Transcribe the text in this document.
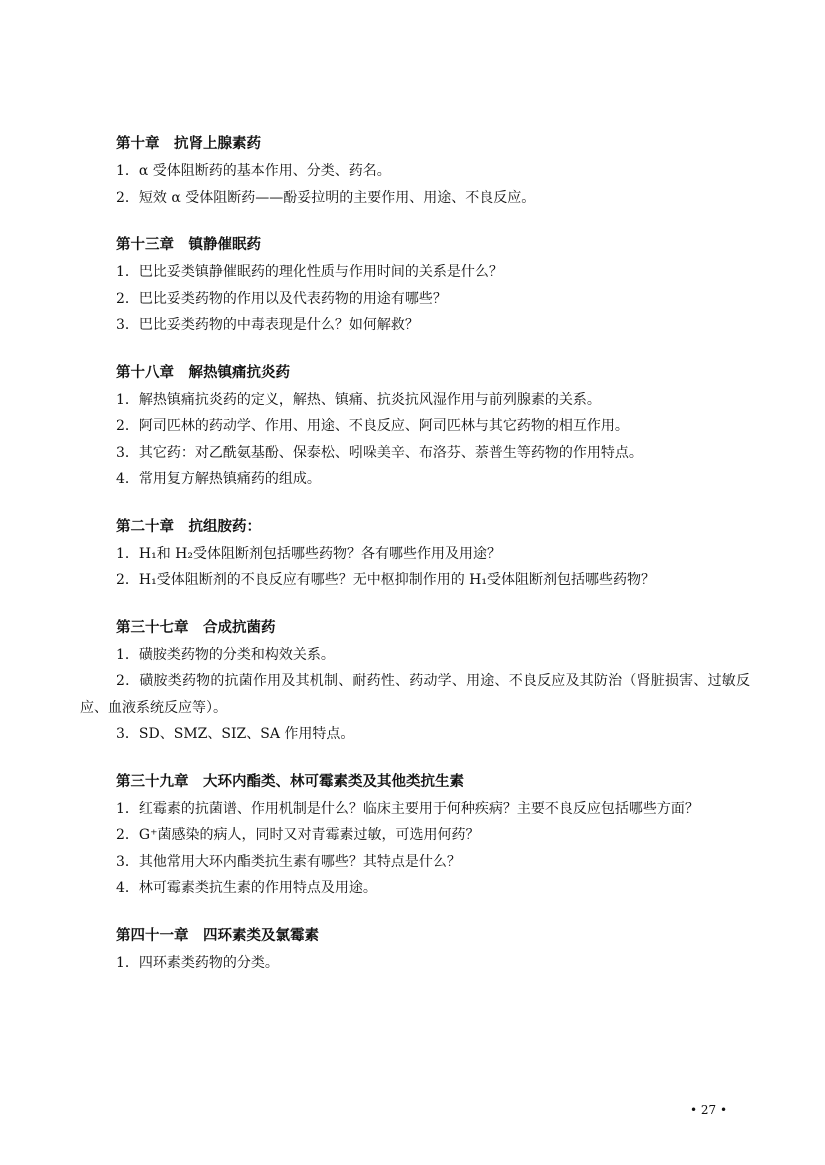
第十章　抗肾上腺素药
1．α 受体阻断药的基本作用、分类、药名。
2．短效 α 受体阻断药——酚妥拉明的主要作用、用途、不良反应。
第十三章　镇静催眠药
1．巴比妥类镇静催眠药的理化性质与作用时间的关系是什么？
2．巴比妥类药物的作用以及代表药物的用途有哪些？
3．巴比妥类药物的中毒表现是什么？如何解救？
第十八章　解热镇痛抗炎药
1．解热镇痛抗炎药的定义，解热、镇痛、抗炎抗风湿作用与前列腺素的关系。
2．阿司匹林的药动学、作用、用途、不良反应、阿司匹林与其它药物的相互作用。
3．其它药：对乙酰氨基酚、保泰松、吲哚美辛、布洛芬、萘普生等药物的作用特点。
4．常用复方解热镇痛药的组成。
第二十章　抗组胺药：
1．H₁和 H₂受体阻断剂包括哪些药物？各有哪些作用及用途？
2．H₁受体阻断剂的不良反应有哪些？无中枢抑制作用的 H₁受体阻断剂包括哪些药物？
第三十七章　合成抗菌药
1．磺胺类药物的分类和构效关系。
2．磺胺类药物的抗菌作用及其机制、耐药性、药动学、用途、不良反应及其防治（肾脏损害、过敏反应、血液系统反应等）。
3．SD、SMZ、SIZ、SA 作用特点。
第三十九章　大环内酯类、林可霉素类及其他类抗生素
1．红霉素的抗菌谱、作用机制是什么？临床主要用于何种疾病？主要不良反应包括哪些方面？
2．G⁺菌感染的病人，同时又对青霉素过敏，可选用何药？
3．其他常用大环内酯类抗生素有哪些？其特点是什么？
4．林可霉素类抗生素的作用特点及用途。
第四十一章　四环素类及氯霉素
1．四环素类药物的分类。
• 27 •
